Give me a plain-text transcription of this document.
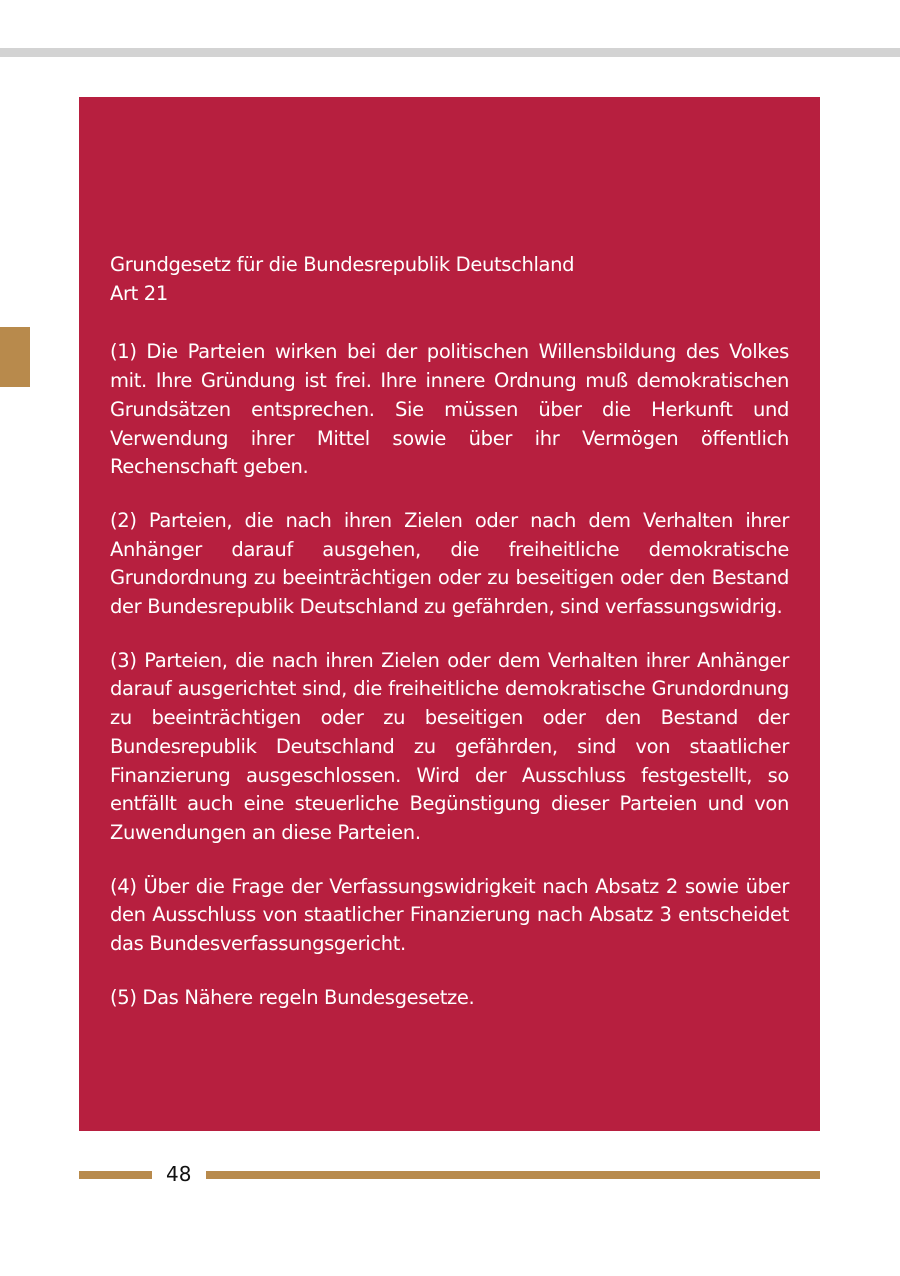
Grundgesetz für die Bundesrepublik Deutschland
Art 21

(1) Die Parteien wirken bei der politischen Willensbildung des Volkes mit. Ihre Gründung ist frei. Ihre innere Ordnung muß demokratischen Grundsätzen entsprechen. Sie müssen über die Herkunft und Verwendung ihrer Mittel sowie über ihr Vermögen öffentlich Rechenschaft geben.

(2) Parteien, die nach ihren Zielen oder nach dem Verhalten ihrer Anhänger darauf ausgehen, die freiheitliche demokratische Grundordnung zu beeinträchtigen oder zu beseitigen oder den Bestand der Bundesrepublik Deutschland zu gefährden, sind verfassungswidrig.

(3) Parteien, die nach ihren Zielen oder dem Verhalten ihrer Anhänger darauf ausgerichtet sind, die freiheitliche demokratische Grundordnung zu beeinträchtigen oder zu beseitigen oder den Bestand der Bundesrepublik Deutschland zu gefährden, sind von staatlicher Finanzierung ausgeschlossen. Wird der Ausschluss festgestellt, so entfällt auch eine steuerliche Begünstigung dieser Parteien und von Zuwendungen an diese Parteien.

(4) Über die Frage der Verfassungswidrigkeit nach Absatz 2 sowie über den Ausschluss von staatlicher Finanzierung nach Absatz 3 entscheidet das Bundesverfassungsgericht.

(5) Das Nähere regeln Bundesgesetze.

48
